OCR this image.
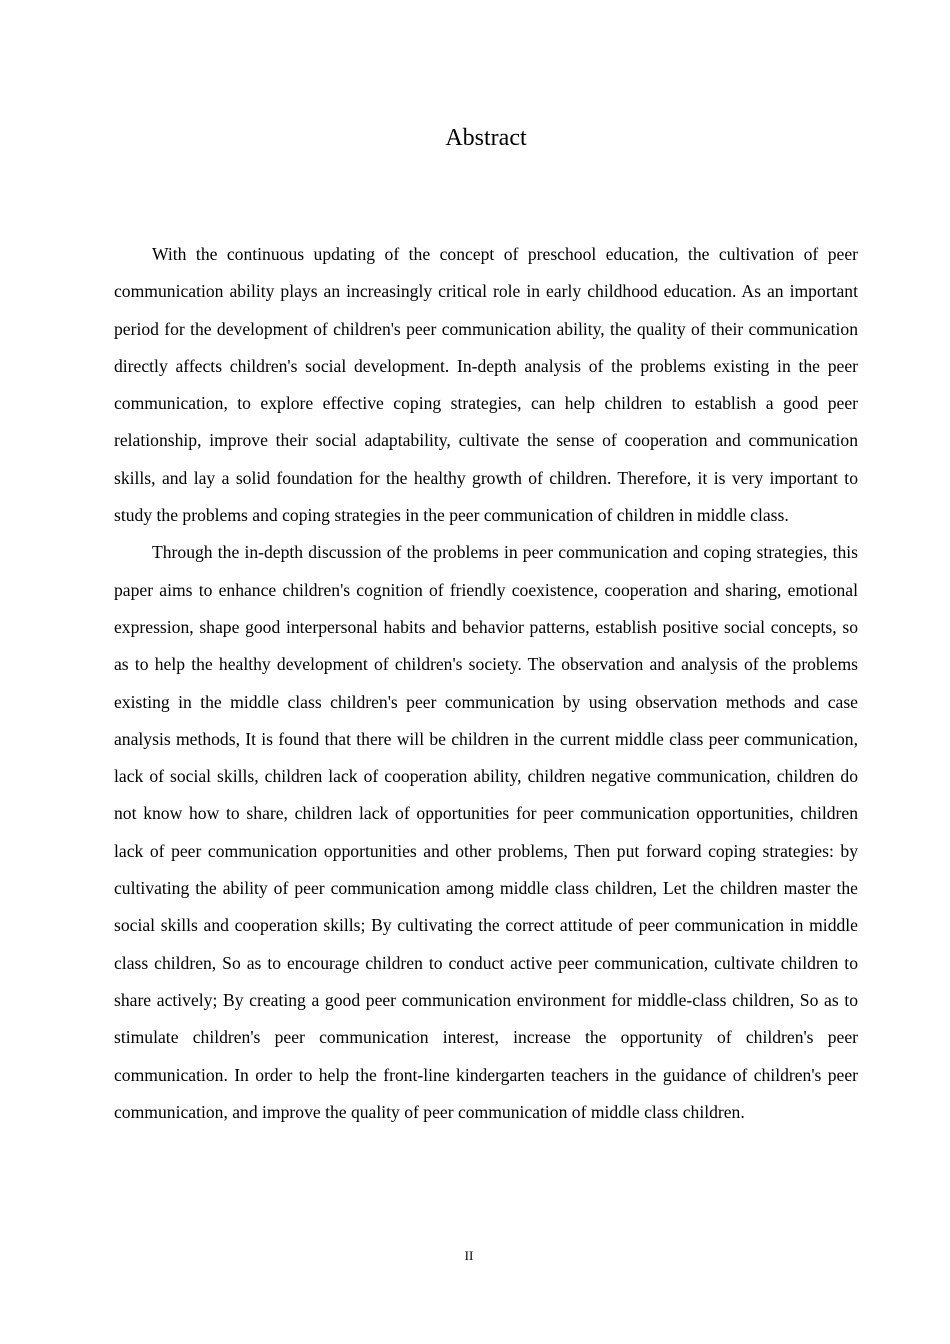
Abstract

With the continuous updating of the concept of preschool education, the cultivation of peer communication ability plays an increasingly critical role in early childhood education. As an important period for the development of children's peer communication ability, the quality of their communication directly affects children's social development. In-depth analysis of the problems existing in the peer communication, to explore effective coping strategies, can help children to establish a good peer relationship, improve their social adaptability, cultivate the sense of cooperation and communication skills, and lay a solid foundation for the healthy growth of children. Therefore, it is very important to study the problems and coping strategies in the peer communication of children in middle class.

Through the in-depth discussion of the problems in peer communication and coping strategies, this paper aims to enhance children's cognition of friendly coexistence, cooperation and sharing, emotional expression, shape good interpersonal habits and behavior patterns, establish positive social concepts, so as to help the healthy development of children's society. The observation and analysis of the problems existing in the middle class children's peer communication by using observation methods and case analysis methods, It is found that there will be children in the current middle class peer communication, lack of social skills, children lack of cooperation ability, children negative communication, children do not know how to share, children lack of opportunities for peer communication opportunities, children lack of peer communication opportunities and other problems, Then put forward coping strategies: by cultivating the ability of peer communication among middle class children, Let the children master the social skills and cooperation skills; By cultivating the correct attitude of peer communication in middle class children, So as to encourage children to conduct active peer communication, cultivate children to share actively; By creating a good peer communication environment for middle-class children, So as to stimulate children's peer communication interest, increase the opportunity of children's peer communication. In order to help the front-line kindergarten teachers in the guidance of children's peer communication, and improve the quality of peer communication of middle class children.

II
